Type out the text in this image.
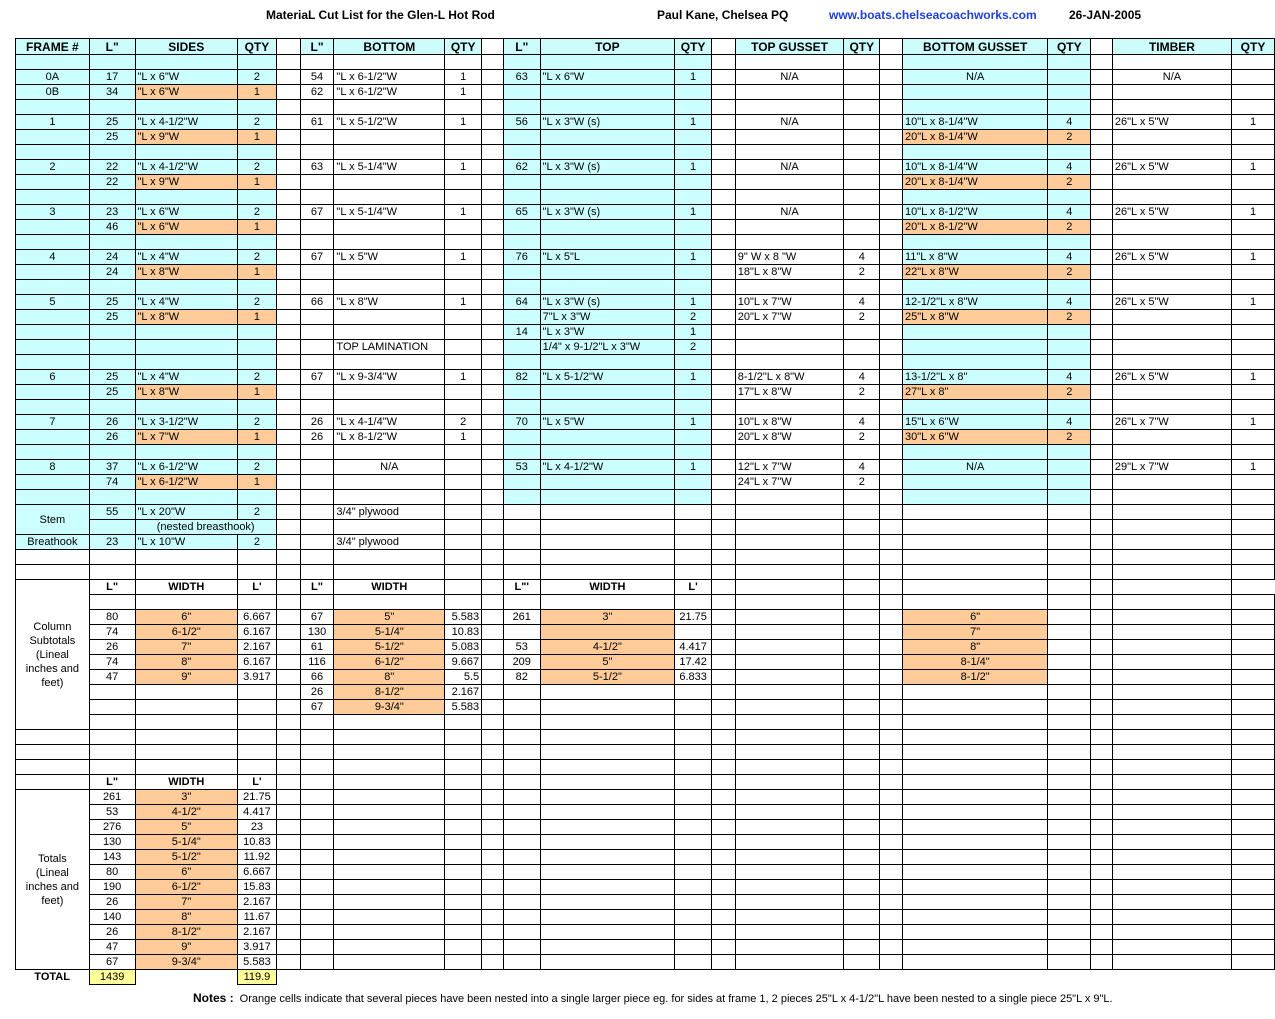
MateriaL Cut List for the Glen-L Hot Rod	Paul Kane, Chelsea PQ	www.boats.chelseacoachworks.com	26-JAN-2005
FRAME #	L"	SIDES	QTY		L"	BOTTOM	QTY		L"	TOP	QTY		TOP GUSSET	QTY		BOTTOM GUSSET	QTY		TIMBER	QTY

0A	17	"L x 6"W	2		54	"L x 6-1/2"W	1		63	"L x 6"W	1		N/A			N/A			N/A	
0B	34	"L x 6"W	1		62	"L x 6-1/2"W	1													

1	25	"L x 4-1/2"W	2		61	"L x 5-1/2"W	1		56	"L x 3"W (s)	1		N/A			10"L x 8-1/4"W	4		26"L x 5"W	1
	25	"L x 9"W	1													20"L x 8-1/4"W	2			

2	22	"L x 4-1/2"W	2		63	"L x 5-1/4"W	1		62	"L x 3"W (s)	1		N/A			10"L x 8-1/4"W	4		26"L x 5"W	1
	22	"L x 9"W	1													20"L x 8-1/4"W	2			

3	23	"L x 6"W	2		67	"L x 5-1/4"W	1		65	"L x 3"W (s)	1		N/A			10"L x 8-1/2"W	4		26"L x 5"W	1
	46	"L x 6"W	1													20"L x 8-1/2"W	2			

4	24	"L x 4"W	2		67	"L x 5"W	1		76	"L x 5"L	1		9" W x 8 "W	4		11"L x 8"W	4		26"L x 5"W	1
	24	"L x 8"W	1										18"L x 8"W	2		22"L x 8"W	2			

5	25	"L x 4"W	2		66	"L x 8"W	1		64	"L x 3"W (s)	1		10"L x 7"W	4		12-1/2"L x 8"W	4		26"L x 5"W	1
	25	"L x 8"W	1							7"L x 3"W	2		20"L x 7"W	2		25"L x 8"W	2			
									14	"L x 3"W	1									
						TOP LAMINATION				1/4" x 9-1/2"L x 3"W	2									

6	25	"L x 4"W	2		67	"L x 9-3/4"W	1		82	"L x 5-1/2"W	1		8-1/2"L x 8"W	4		13-1/2"L x 8"	4		26"L x 5"W	1
	25	"L x 8"W	1										17"L x 8"W	2		27"L x 8"	2			

7	26	"L x 3-1/2"W	2		26	"L x 4-1/4"W	2		70	"L x 5"W	1		10"L x 8"W	4		15"L x 6"W	4		26"L x 7"W	1
	26	"L x 7"W	1		26	"L x 8-1/2"W	1						20"L x 8"W	2		30"L x 6"W	2			

8	37	"L x 6-1/2"W	2			N/A			53	"L x 4-1/2"W	1		12"L x 7"W	4		N/A			29"L x 7"W	1
	74	"L x 6-1/2"W	1										24"L x 7"W	2						

Stem	55	"L x 20"W	2			3/4" plywood														
		(nested breasthook)																		
Breathook	23	"L x 10"W	2			3/4" plywood														

Column
Subtotals
(Lineal
inches and
feet)	L"	WIDTH	L'		L"	WIDTH			L"'	WIDTH	L'									

	80	6"	6.667		67	5"	5.583		261	3"	21.75					6"				
	74	6-1/2"	6.167		130	5-1/4"	10.83									7"				
	26	7"	2.167		61	5-1/2"	5.083		53	4-1/2"	4.417					8"				
	74	8"	6.167		116	6-1/2"	9.667		209	5"	17.42					8-1/4"				
	47	9"	3.917		66	8"	5.5		82	5-1/2"	6.833					8-1/2"				
					26	8-1/2"	2.167													
					67	9-3/4"	5.583													

	L"	WIDTH	L'																	

Totals
(Lineal
inches and
feet)	261	3"	21.75																	
	53	4-1/2"	4.417																	
	276	5"	23																	
	130	5-1/4"	10.83																	
	143	5-1/2"	11.92																	
	80	6"	6.667																	
	190	6-1/2"	15.83																	
	26	7"	2.167																	
	140	8"	11.67																	
	26	8-1/2"	2.167																	
	47	9"	3.917																	
	67	9-3/4"	5.583																	
TOTAL	1439		119.9																	
Notes : Orange cells indicate that several pieces have been nested into a single larger piece eg. for sides at frame 1, 2 pieces 25"L x 4-1/2"L have been nested to a single piece 25"L x 9"L.
